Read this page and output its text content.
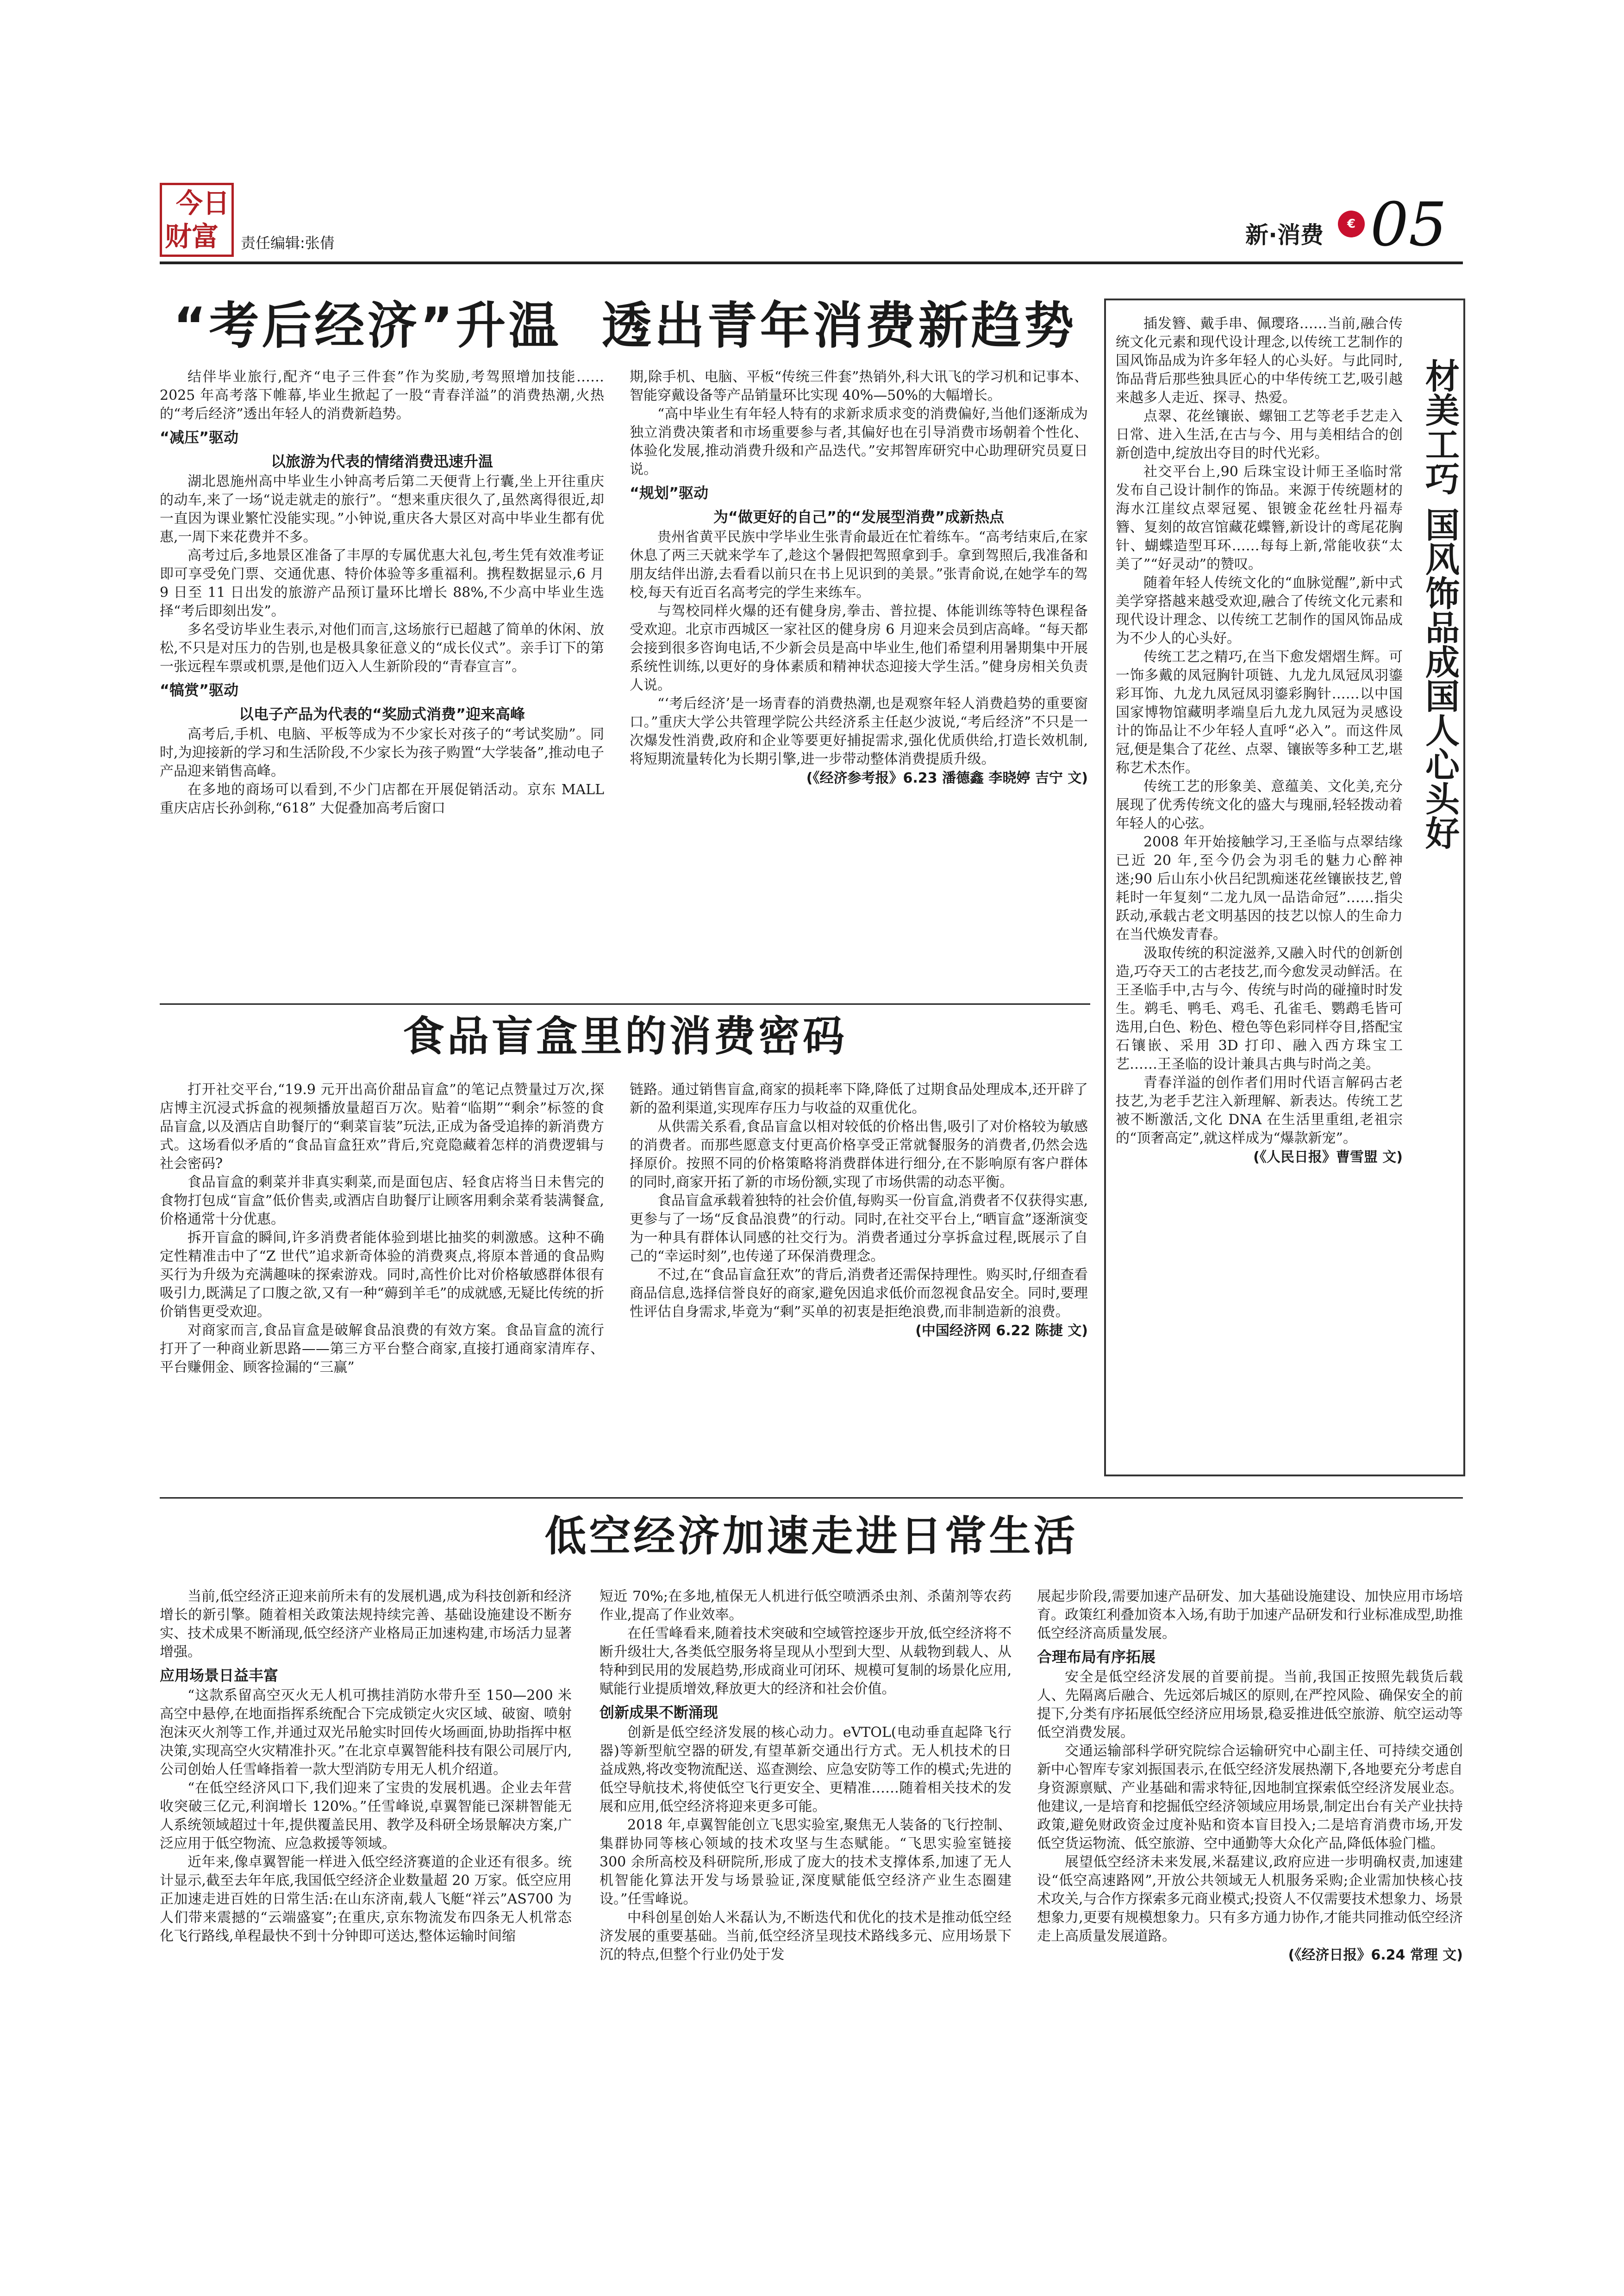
今日
财富 责任编辑:张倩	新·消费	€ 05
“考后经济”升温  透出青年消费新趋势

结伴毕业旅行,配齐“电子三件套”作为奖励,考驾照增加技能……2025 年高考落下帷幕,毕业生掀起了一股“青春洋溢”的消费热潮,火热的“考后经济”透出年轻人的消费新趋势。

“减压”驱动
以旅游为代表的情绪消费迅速升温

湖北恩施州高中毕业生小钟高考后第二天便背上行囊,坐上开往重庆的动车,来了一场“说走就走的旅行”。“想来重庆很久了,虽然离得很近,却一直因为课业繁忙没能实现。”小钟说,重庆各大景区对高中毕业生都有优惠,一周下来花费并不多。

高考过后,多地景区准备了丰厚的专属优惠大礼包,考生凭有效准考证即可享受免门票、交通优惠、特价体验等多重福利。携程数据显示,6 月 9 日至 11 日出发的旅游产品预订量环比增长 88%,不少高中毕业生选择“考后即刻出发”。

多名受访毕业生表示,对他们而言,这场旅行已超越了简单的休闲、放松,不只是对压力的告别,也是极具象征意义的“成长仪式”。亲手订下的第一张远程车票或机票,是他们迈入人生新阶段的“青春宣言”。

“犒赏”驱动
以电子产品为代表的“奖励式消费”迎来高峰

高考后,手机、电脑、平板等成为不少家长对孩子的“考试奖励”。同时,为迎接新的学习和生活阶段,不少家长为孩子购置“大学装备”,推动电子产品迎来销售高峰。

在多地的商场可以看到,不少门店都在开展促销活动。京东 MALL 重庆店店长孙剑称,“618” 大促叠加高考后窗口

期,除手机、电脑、平板“传统三件套”热销外,科大讯飞的学习机和记事本、智能穿戴设备等产品销量环比实现 40%—50%的大幅增长。

“高中毕业生有年轻人特有的求新求质求变的消费偏好,当他们逐渐成为独立消费决策者和市场重要参与者,其偏好也在引导消费市场朝着个性化、体验化发展,推动消费升级和产品迭代。”安邦智库研究中心助理研究员夏日说。

“规划”驱动
为“做更好的自己”的“发展型消费”成新热点

贵州省黄平民族中学毕业生张青俞最近在忙着练车。“高考结束后,在家休息了两三天就来学车了,趁这个暑假把驾照拿到手。拿到驾照后,我准备和朋友结伴出游,去看看以前只在书上见识到的美景。”张青俞说,在她学车的驾校,每天有近百名高考完的学生来练车。

与驾校同样火爆的还有健身房,拳击、普拉提、体能训练等特色课程备受欢迎。北京市西城区一家社区的健身房 6 月迎来会员到店高峰。“每天都会接到很多咨询电话,不少新会员是高中毕业生,他们希望利用暑期集中开展系统性训练,以更好的身体素质和精神状态迎接大学生活。”健身房相关负责人说。

“‘考后经济’是一场青春的消费热潮,也是观察年轻人消费趋势的重要窗口。”重庆大学公共管理学院公共经济系主任赵少波说,“考后经济”不只是一次爆发性消费,政府和企业等要更好捕捉需求,强化优质供给,打造长效机制,将短期流量转化为长期引擎,进一步带动整体消费提质升级。

(《经济参考报》6.23 潘德鑫 李晓婷 吉宁 文)	材美工巧 国风饰品成国人心头好

插发簪、戴手串、佩璎珞……当前,融合传统文化元素和现代设计理念,以传统工艺制作的国风饰品成为许多年轻人的心头好。与此同时,饰品背后那些独具匠心的中华传统工艺,吸引越来越多人走近、探寻、热爱。

点翠、花丝镶嵌、螺钿工艺等老手艺走入日常、进入生活,在古与今、用与美相结合的创新创造中,绽放出夺目的时代光彩。

社交平台上,90 后珠宝设计师王圣临时常发布自己设计制作的饰品。来源于传统题材的海水江崖纹点翠冠冕、银镀金花丝牡丹福寿簪、复刻的故宫馆藏花蝶簪,新设计的鸢尾花胸针、蝴蝶造型耳环……每每上新,常能收获“太美了”“好灵动”的赞叹。

随着年轻人传统文化的“血脉觉醒”,新中式美学穿搭越来越受欢迎,融合了传统文化元素和现代设计理念、以传统工艺制作的国风饰品成为不少人的心头好。

传统工艺之精巧,在当下愈发熠熠生辉。可一饰多戴的凤冠胸针项链、九龙九凤冠凤羽鎏彩耳饰、九龙九凤冠凤羽鎏彩胸针……以中国国家博物馆藏明孝端皇后九龙九凤冠为灵感设计的饰品让不少年轻人直呼“必入”。而这件凤冠,便是集合了花丝、点翠、镶嵌等多种工艺,堪称艺术杰作。

传统工艺的形象美、意蕴美、文化美,充分展现了优秀传统文化的盛大与瑰丽,轻轻拨动着年轻人的心弦。

2008 年开始接触学习,王圣临与点翠结缘已近 20 年,至今仍会为羽毛的魅力心醉神迷;90 后山东小伙吕纪凯痴迷花丝镶嵌技艺,曾耗时一年复刻“二龙九凤一品诰命冠”……指尖跃动,承载古老文明基因的技艺以惊人的生命力在当代焕发青春。

汲取传统的积淀滋养,又融入时代的创新创造,巧夺天工的古老技艺,而今愈发灵动鲜活。在王圣临手中,古与今、传统与时尚的碰撞时时发生。鹈毛、鸭毛、鸡毛、孔雀毛、鹦鹉毛皆可选用,白色、粉色、橙色等色彩同样夺目,搭配宝石镶嵌、采用 3D 打印、融入西方珠宝工艺……王圣临的设计兼具古典与时尚之美。

青春洋溢的创作者们用时代语言解码古老技艺,为老手艺注入新理解、新表达。传统工艺被不断激活,文化 DNA 在生活里重组,老祖宗的“顶奢高定”,就这样成为“爆款新宠”。

(《人民日报》曹雪盟 文)
食品盲盒里的消费密码

打开社交平台,“19.9 元开出高价甜品盲盒”的笔记点赞量过万次,探店博主沉浸式拆盒的视频播放量超百万次。贴着“临期”“剩余”标签的食品盲盒,以及酒店自助餐厅的“剩菜盲装”玩法,正成为备受追捧的新消费方式。这场看似矛盾的“食品盲盒狂欢”背后,究竟隐藏着怎样的消费逻辑与社会密码?

食品盲盒的剩菜并非真实剩菜,而是面包店、轻食店将当日未售完的食物打包成“盲盒”低价售卖,或酒店自助餐厅让顾客用剩余菜肴装满餐盒,价格通常十分优惠。

拆开盲盒的瞬间,许多消费者能体验到堪比抽奖的刺激感。这种不确定性精准击中了“Z 世代”追求新奇体验的消费爽点,将原本普通的食品购买行为升级为充满趣味的探索游戏。同时,高性价比对价格敏感群体很有吸引力,既满足了口腹之欲,又有一种“薅到羊毛”的成就感,无疑比传统的折价销售更受欢迎。

对商家而言,食品盲盒是破解食品浪费的有效方案。食品盲盒的流行打开了一种商业新思路——第三方平台整合商家,直接打通商家清库存、平台赚佣金、顾客捡漏的“三赢”

链路。通过销售盲盒,商家的损耗率下降,降低了过期食品处理成本,还开辟了新的盈利渠道,实现库存压力与收益的双重优化。

从供需关系看,食品盲盒以相对较低的价格出售,吸引了对价格较为敏感的消费者。而那些愿意支付更高价格享受正常就餐服务的消费者,仍然会选择原价。按照不同的价格策略将消费群体进行细分,在不影响原有客户群体的同时,商家开拓了新的市场份额,实现了市场供需的动态平衡。

食品盲盒承载着独特的社会价值,每购买一份盲盒,消费者不仅获得实惠,更参与了一场“反食品浪费”的行动。同时,在社交平台上,“晒盲盒”逐渐演变为一种具有群体认同感的社交行为。消费者通过分享拆盒过程,既展示了自己的“幸运时刻”,也传递了环保消费理念。

不过,在“食品盲盒狂欢”的背后,消费者还需保持理性。购买时,仔细查看商品信息,选择信誉良好的商家,避免因追求低价而忽视食品安全。同时,要理性评估自身需求,毕竟为“剩”买单的初衷是拒绝浪费,而非制造新的浪费。

(中国经济网 6.22 陈捷 文)
低空经济加速走进日常生活

当前,低空经济正迎来前所未有的发展机遇,成为科技创新和经济增长的新引擎。随着相关政策法规持续完善、基础设施建设不断夯实、技术成果不断涌现,低空经济产业格局正加速构建,市场活力显著增强。

应用场景日益丰富

“这款系留高空灭火无人机可携挂消防水带升至 150—200 米高空中悬停,在地面指挥系统配合下完成锁定火灾区域、破窗、喷射泡沫灭火剂等工作,并通过双光吊舱实时回传火场画面,协助指挥中枢决策,实现高空火灾精准扑灭。”在北京卓翼智能科技有限公司展厅内,公司创始人任雪峰指着一款大型消防专用无人机介绍道。

“在低空经济风口下,我们迎来了宝贵的发展机遇。企业去年营收突破三亿元,利润增长 120%。”任雪峰说,卓翼智能已深耕智能无人系统领域超过十年,提供覆盖民用、教学及科研全场景解决方案,广泛应用于低空物流、应急救援等领域。

近年来,像卓翼智能一样进入低空经济赛道的企业还有很多。统计显示,截至去年年底,我国低空经济企业数量超 20 万家。低空应用正加速走进百姓的日常生活:在山东济南,载人飞艇“祥云”AS700 为人们带来震撼的“云端盛宴”;在重庆,京东物流发布四条无人机常态化飞行路线,单程最快不到十分钟即可送达,整体运输时间缩

短近 70%;在多地,植保无人机进行低空喷洒杀虫剂、杀菌剂等农药作业,提高了作业效率。

在任雪峰看来,随着技术突破和空域管控逐步开放,低空经济将不断升级壮大,各类低空服务将呈现从小型到大型、从载物到载人、从特种到民用的发展趋势,形成商业可闭环、规模可复制的场景化应用,赋能行业提质增效,释放更大的经济和社会价值。

创新成果不断涌现

创新是低空经济发展的核心动力。eVTOL(电动垂直起降飞行器)等新型航空器的研发,有望革新交通出行方式。无人机技术的日益成熟,将改变物流配送、巡查测绘、应急安防等工作的模式;先进的低空导航技术,将使低空飞行更安全、更精准……随着相关技术的发展和应用,低空经济将迎来更多可能。

2018 年,卓翼智能创立飞思实验室,聚焦无人装备的飞行控制、集群协同等核心领域的技术攻坚与生态赋能。“飞思实验室链接 300 余所高校及科研院所,形成了庞大的技术支撑体系,加速了无人机智能化算法开发与场景验证,深度赋能低空经济产业生态圈建设。”任雪峰说。

中科创星创始人米磊认为,不断迭代和优化的技术是推动低空经济发展的重要基础。当前,低空经济呈现技术路线多元、应用场景下沉的特点,但整个行业仍处于发

展起步阶段,需要加速产品研发、加大基础设施建设、加快应用市场培育。政策红利叠加资本入场,有助于加速产品研发和行业标准成型,助推低空经济高质量发展。

合理布局有序拓展

安全是低空经济发展的首要前提。当前,我国正按照先载货后载人、先隔离后融合、先远郊后城区的原则,在严控风险、确保安全的前提下,分类有序拓展低空经济应用场景,稳妥推进低空旅游、航空运动等低空消费发展。

交通运输部科学研究院综合运输研究中心副主任、可持续交通创新中心智库专家刘振国表示,在低空经济发展热潮下,各地要充分考虑自身资源禀赋、产业基础和需求特征,因地制宜探索低空经济发展业态。他建议,一是培育和挖掘低空经济领域应用场景,制定出台有关产业扶持政策,避免财政资金过度补贴和资本盲目投入;二是培育消费市场,开发低空货运物流、低空旅游、空中通勤等大众化产品,降低体验门槛。

展望低空经济未来发展,米磊建议,政府应进一步明确权责,加速建设“低空高速路网”,开放公共领域无人机服务采购;企业需加快核心技术攻关,与合作方探索多元商业模式;投资人不仅需要技术想象力、场景想象力,更要有规模想象力。只有多方通力协作,才能共同推动低空经济走上高质量发展道路。

(《经济日报》6.24 常理 文)
